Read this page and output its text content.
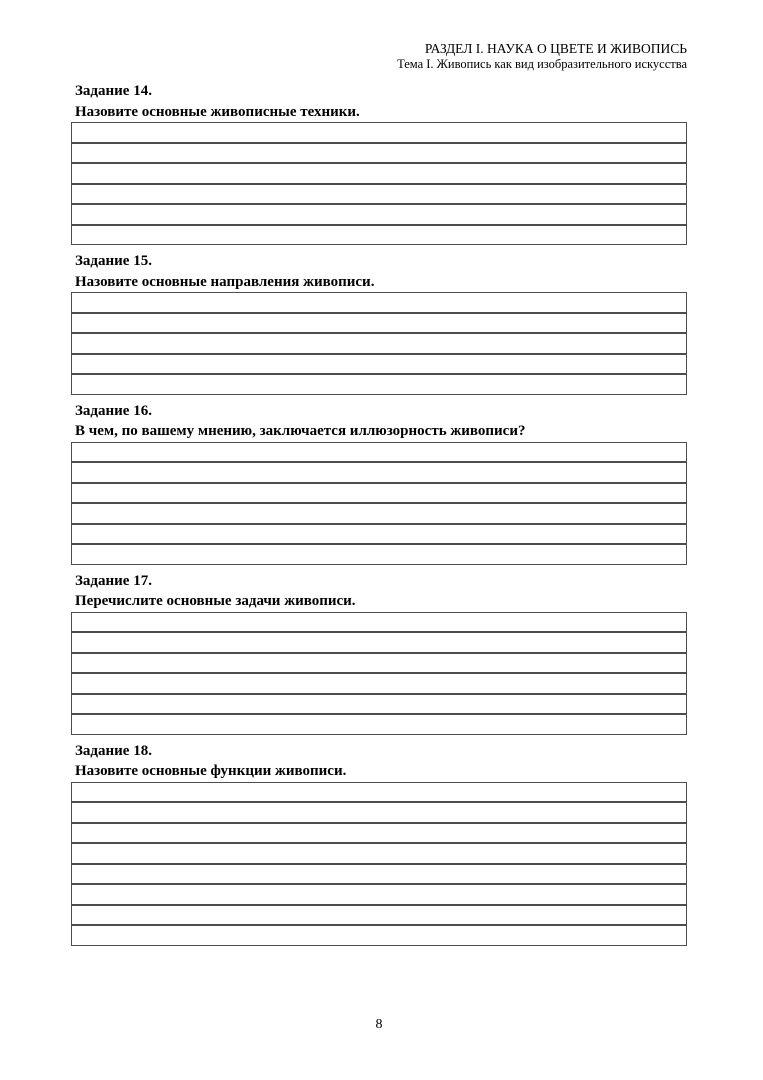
РАЗДЕЛ I. НАУКА О ЦВЕТЕ И ЖИВОПИСЬ
Тема I. Живопись как вид изобразительного искусства
Задание 14.
Назовите основные живописные техники.
Задание 15.
Назовите основные направления живописи.
Задание 16.
В чем, по вашему мнению, заключается иллюзорность живописи?
Задание 17.
Перечислите основные задачи живописи.
Задание 18.
Назовите основные функции живописи.
8
